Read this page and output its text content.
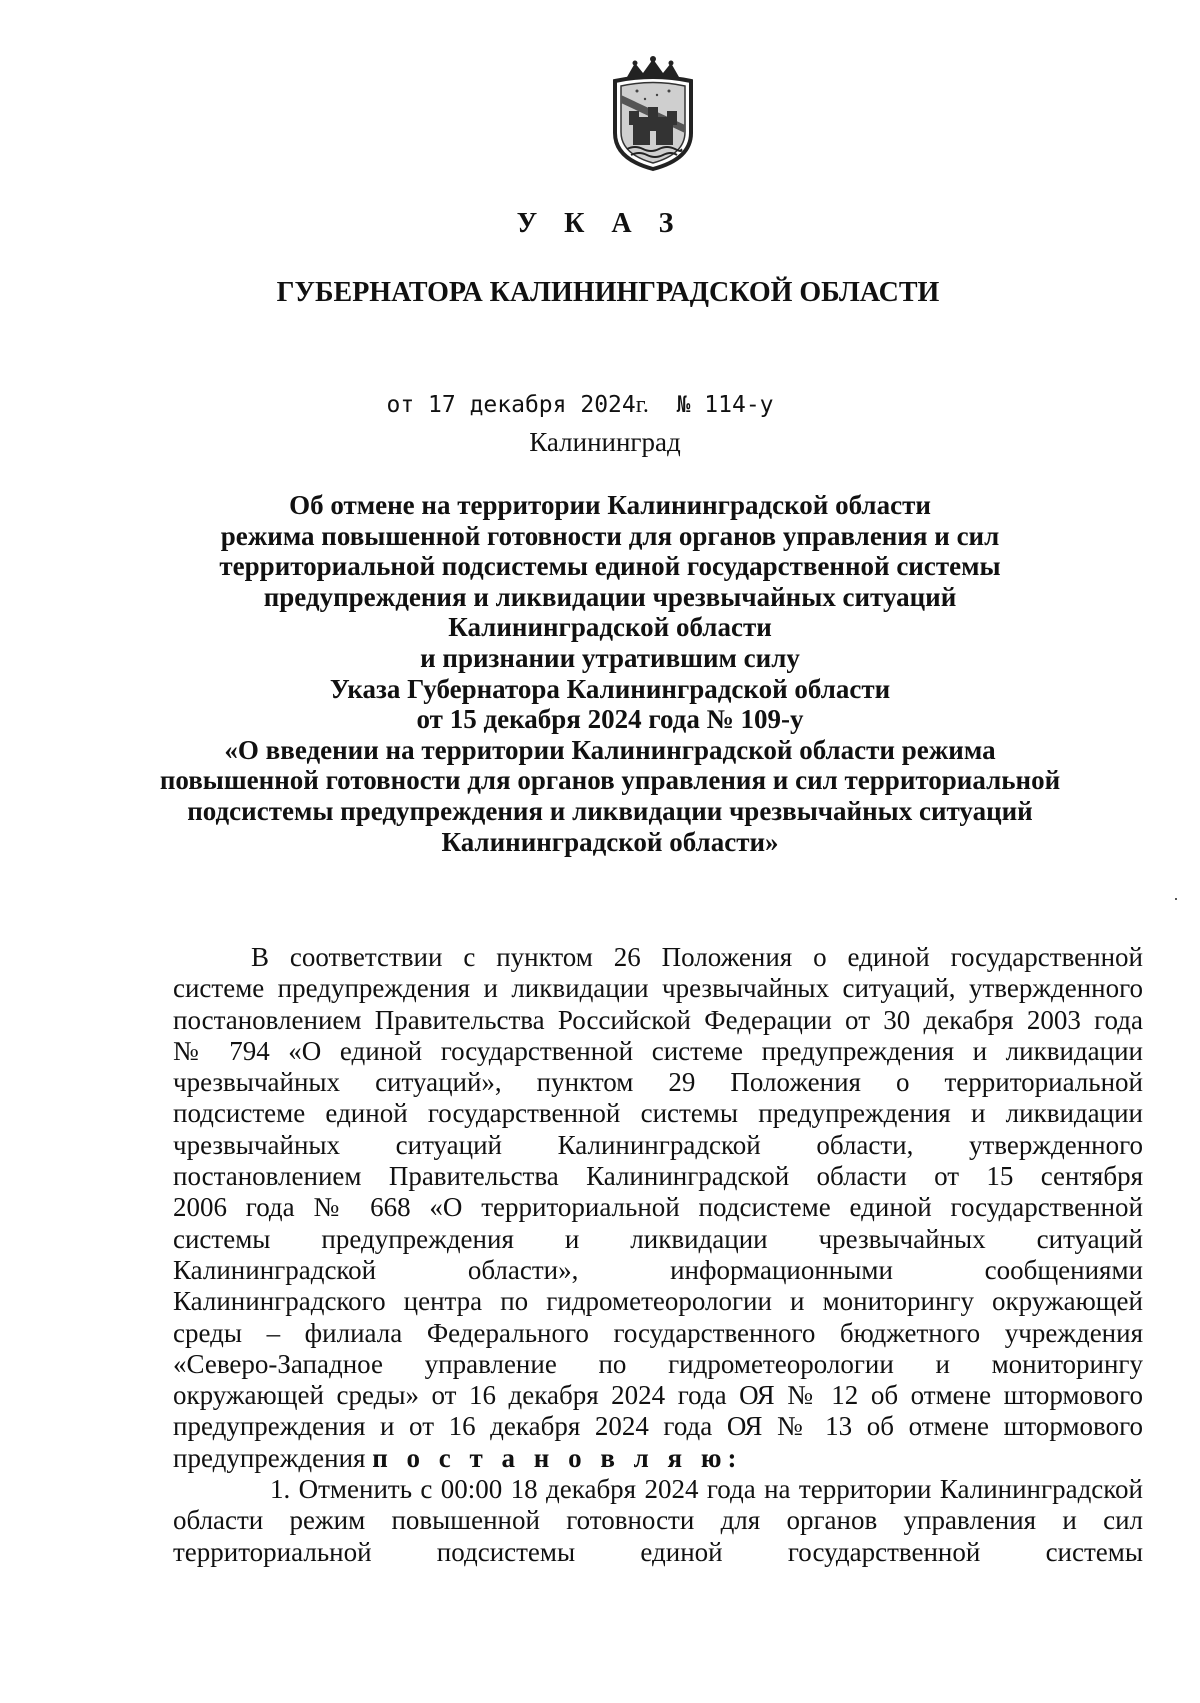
У К А З
ГУБЕРНАТОРА КАЛИНИНГРАДСКОЙ ОБЛАСТИ
от 17 декабря 2024г. № 114-у
Калининград
Об отмене на территории Калининградской области
режима повышенной готовности для органов управления и сил
территориальной подсистемы единой государственной системы
предупреждения и ликвидации чрезвычайных ситуаций
Калининградской области
и признании утратившим силу
Указа Губернатора Калининградской области
от 15 декабря 2024 года № 109-у
«О введении на территории Калининградской области режима
повышенной готовности для органов управления и сил территориальной
подсистемы предупреждения и ликвидации чрезвычайных ситуаций
Калининградской области»
В соответствии с пунктом 26 Положения о единой государственной
системе предупреждения и ликвидации чрезвычайных ситуаций, утвержденного
постановлением Правительства Российской Федерации от 30 декабря 2003 года
№ 794 «О единой государственной системе предупреждения и ликвидации
чрезвычайных ситуаций», пунктом 29 Положения о территориальной
подсистеме единой государственной системы предупреждения и ликвидации
чрезвычайных ситуаций Калининградской области, утвержденного
постановлением Правительства Калининградской области от 15 сентября
2006 года № 668 «О территориальной подсистеме единой государственной
системы предупреждения и ликвидации чрезвычайных ситуаций
Калининградской области», информационными сообщениями
Калининградского центра по гидрометеорологии и мониторингу окружающей
среды – филиала Федерального государственного бюджетного учреждения
«Северо-Западное управление по гидрометеорологии и мониторингу
окружающей среды» от 16 декабря 2024 года ОЯ № 12 об отмене штормового
предупреждения и от 16 декабря 2024 года ОЯ № 13 об отмене штормового
предупреждения п о с т а н о в л я ю:
1. Отменить с 00:00 18 декабря 2024 года на территории Калининградской
области режим повышенной готовности для органов управления и сил
территориальной подсистемы единой государственной системы
